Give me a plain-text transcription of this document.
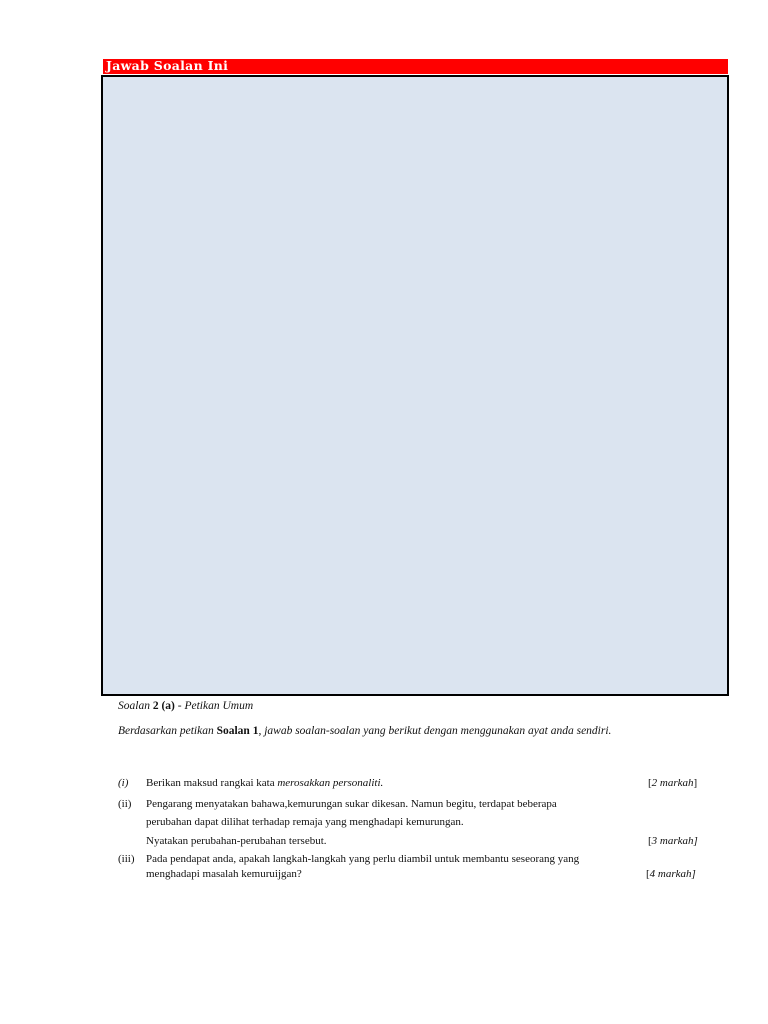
Jawab Soalan Ini
Soalan 2 (a) - Petikan Umum
Berdasarkan petikan Soalan 1, jawab soalan-soalan yang berikut dengan menggunakan ayat anda sendiri.
(i) Berikan maksud rangkai kata merosakkan personaliti.	[2 markah]
(ii) Pengarang menyatakan bahawa,kemurungan sukar dikesan. Namun begitu, terdapat beberapa
perubahan dapat dilihat terhadap remaja yang menghadapi kemurungan.
Nyatakan perubahan-perubahan tersebut.	[3 markah]
(iii) Pada pendapat anda, apakah langkah-langkah yang perlu diambil untuk membantu seseorang yang
menghadapi masalah kemuruijgan?	[4 markah]
